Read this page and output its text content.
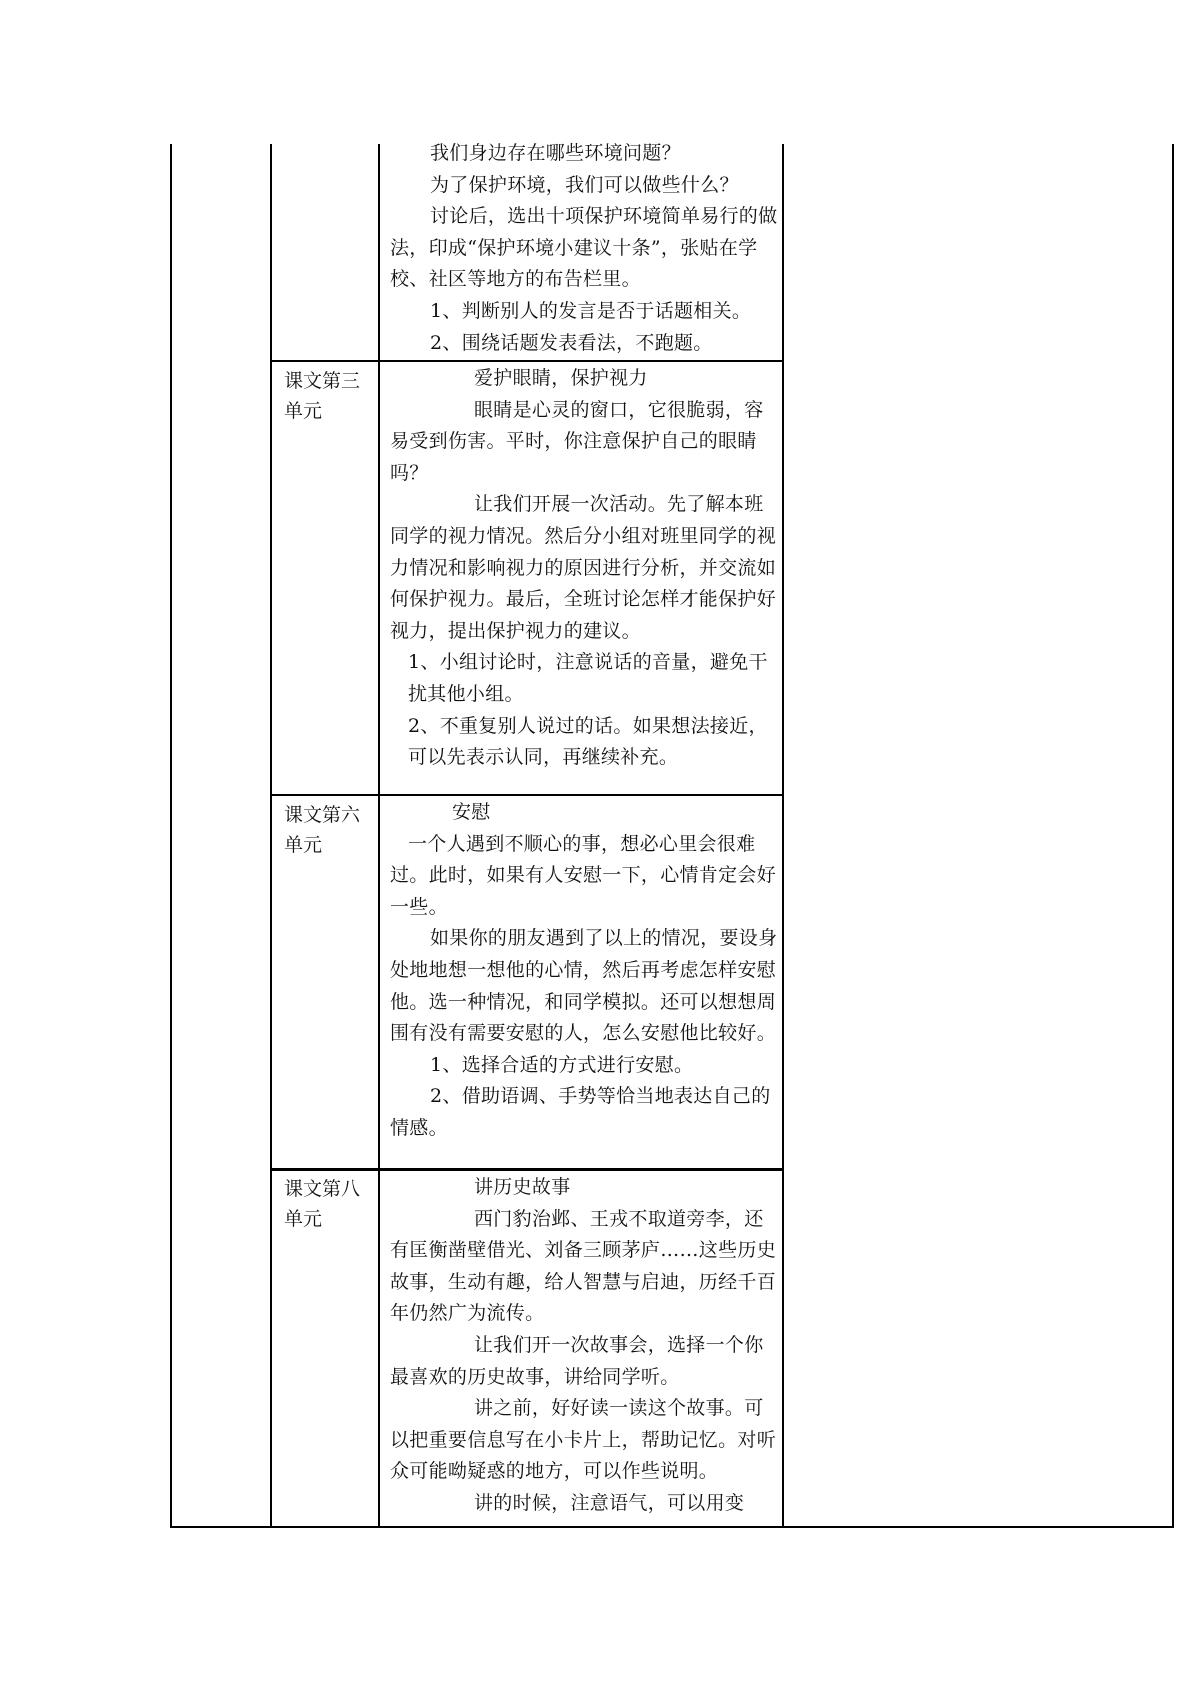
我们身边存在哪些环境问题？

为了保护环境，我们可以做些什么？

讨论后，选出十项保护环境简单易行的做法，印成“保护环境小建议十条”，张贴在学校、社区等地方的布告栏里。

1、判断别人的发言是否于话题相关。

2、围绕话题发表看法，不跑题。

课文第三单元

爱护眼睛，保护视力

眼睛是心灵的窗口，它很脆弱，容易受到伤害。平时，你注意保护自己的眼睛吗？

让我们开展一次活动。先了解本班同学的视力情况。然后分小组对班里同学的视力情况和影响视力的原因进行分析，并交流如何保护视力。最后，全班讨论怎样才能保护好视力，提出保护视力的建议。

1、小组讨论时，注意说话的音量，避免干扰其他小组。

2、不重复别人说过的话。如果想法接近，可以先表示认同，再继续补充。

课文第六单元

安慰

一个人遇到不顺心的事，想必心里会很难过。此时，如果有人安慰一下，心情肯定会好一些。

如果你的朋友遇到了以上的情况，要设身处地地想一想他的心情，然后再考虑怎样安慰他。选一种情况，和同学模拟。还可以想想周围有没有需要安慰的人，怎么安慰他比较好。

1、选择合适的方式进行安慰。

2、借助语调、手势等恰当地表达自己的情感。

课文第八单元

讲历史故事

西门豹治邺、王戎不取道旁李，还有匡衡凿壁借光、刘备三顾茅庐……这些历史故事，生动有趣，给人智慧与启迪，历经千百年仍然广为流传。

让我们开一次故事会，选择一个你最喜欢的历史故事，讲给同学听。

讲之前，好好读一读这个故事。可以把重要信息写在小卡片上，帮助记忆。对听众可能呦疑惑的地方，可以作些说明。

讲的时候，注意语气，可以用变
